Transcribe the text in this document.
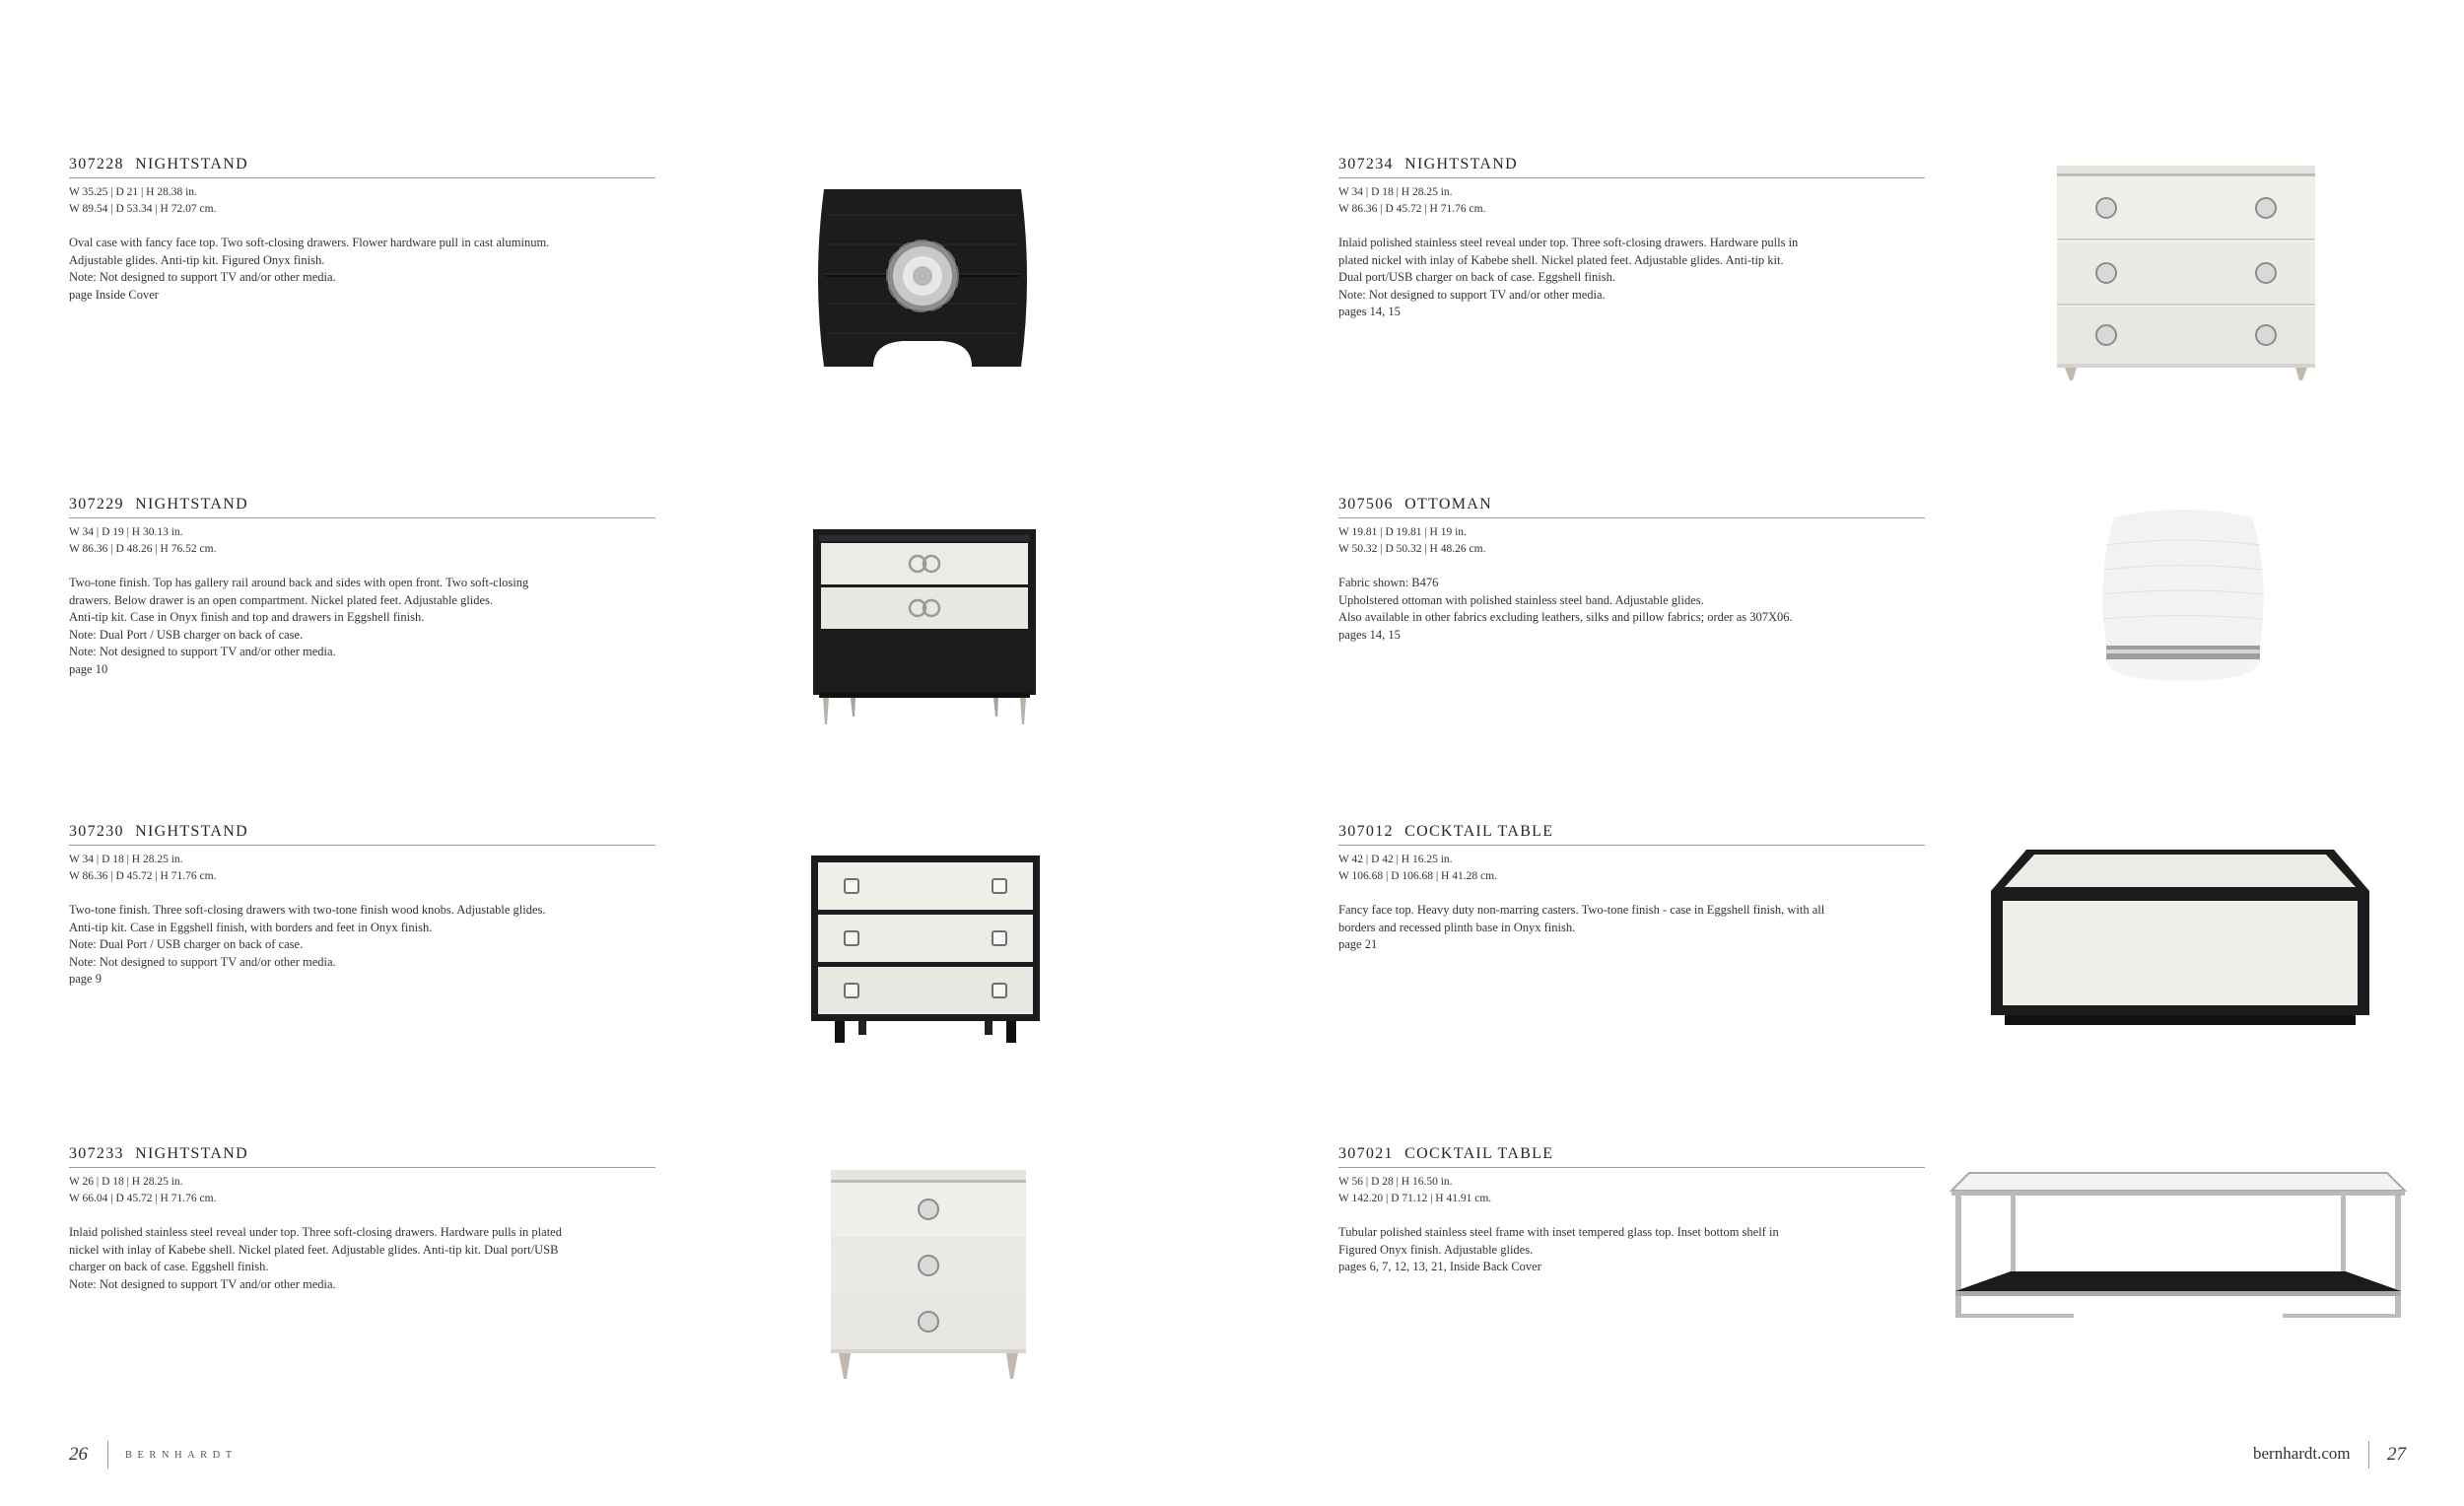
307228 NIGHTSTAND
W 35.25 | D 21 | H 28.38 in.
W 89.54 | D 53.34 | H 72.07 cm.
Oval case with fancy face top. Two soft-closing drawers. Flower hardware pull in cast aluminum.
Adjustable glides. Anti-tip kit. Figured Onyx finish.
Note: Not designed to support TV and/or other media.
page Inside Cover
307229 NIGHTSTAND
W 34 | D 19 | H 30.13 in.
W 86.36 | D 48.26 | H 76.52 cm.
Two-tone finish. Top has gallery rail around back and sides with open front. Two soft-closing
drawers. Below drawer is an open compartment. Nickel plated feet. Adjustable glides.
Anti-tip kit. Case in Onyx finish and top and drawers in Eggshell finish.
Note: Dual Port / USB charger on back of case.
Note: Not designed to support TV and/or other media.
page 10
307230 NIGHTSTAND
W 34 | D 18 | H 28.25 in.
W 86.36 | D 45.72 | H 71.76 cm.
Two-tone finish. Three soft-closing drawers with two-tone finish wood knobs. Adjustable glides.
Anti-tip kit. Case in Eggshell finish, with borders and feet in Onyx finish.
Note: Dual Port / USB charger on back of case.
Note: Not designed to support TV and/or other media.
page 9
307233 NIGHTSTAND
W 26 | D 18 | H 28.25 in.
W 66.04 | D 45.72 | H 71.76 cm.
Inlaid polished stainless steel reveal under top. Three soft-closing drawers. Hardware pulls in plated
nickel with inlay of Kabebe shell. Nickel plated feet. Adjustable glides. Anti-tip kit. Dual port/USB
charger on back of case. Eggshell finish.
Note: Not designed to support TV and/or other media.
26	BERNHARDT
307234 NIGHTSTAND
W 34 | D 18 | H 28.25 in.
W 86.36 | D 45.72 | H 71.76 cm.
Inlaid polished stainless steel reveal under top. Three soft-closing drawers. Hardware pulls in
plated nickel with inlay of Kabebe shell. Nickel plated feet. Adjustable glides. Anti-tip kit.
Dual port/USB charger on back of case. Eggshell finish.
Note: Not designed to support TV and/or other media.
pages 14, 15
307506 OTTOMAN
W 19.81 | D 19.81 | H 19 in.
W 50.32 | D 50.32 | H 48.26 cm.
Fabric shown: B476
Upholstered ottoman with polished stainless steel band. Adjustable glides.
Also available in other fabrics excluding leathers, silks and pillow fabrics; order as 307X06.
pages 14, 15
307012 COCKTAIL TABLE
W 42 | D 42 | H 16.25 in.
W 106.68 | D 106.68 | H 41.28 cm.
Fancy face top. Heavy duty non-marring casters. Two-tone finish - case in Eggshell finish, with all
borders and recessed plinth base in Onyx finish.
page 21
307021 COCKTAIL TABLE
W 56 | D 28 | H 16.50 in.
W 142.20 | D 71.12 | H 41.91 cm.
Tubular polished stainless steel frame with inset tempered glass top. Inset bottom shelf in
Figured Onyx finish. Adjustable glides.
pages 6, 7, 12, 13, 21, Inside Back Cover
bernhardt.com 27
